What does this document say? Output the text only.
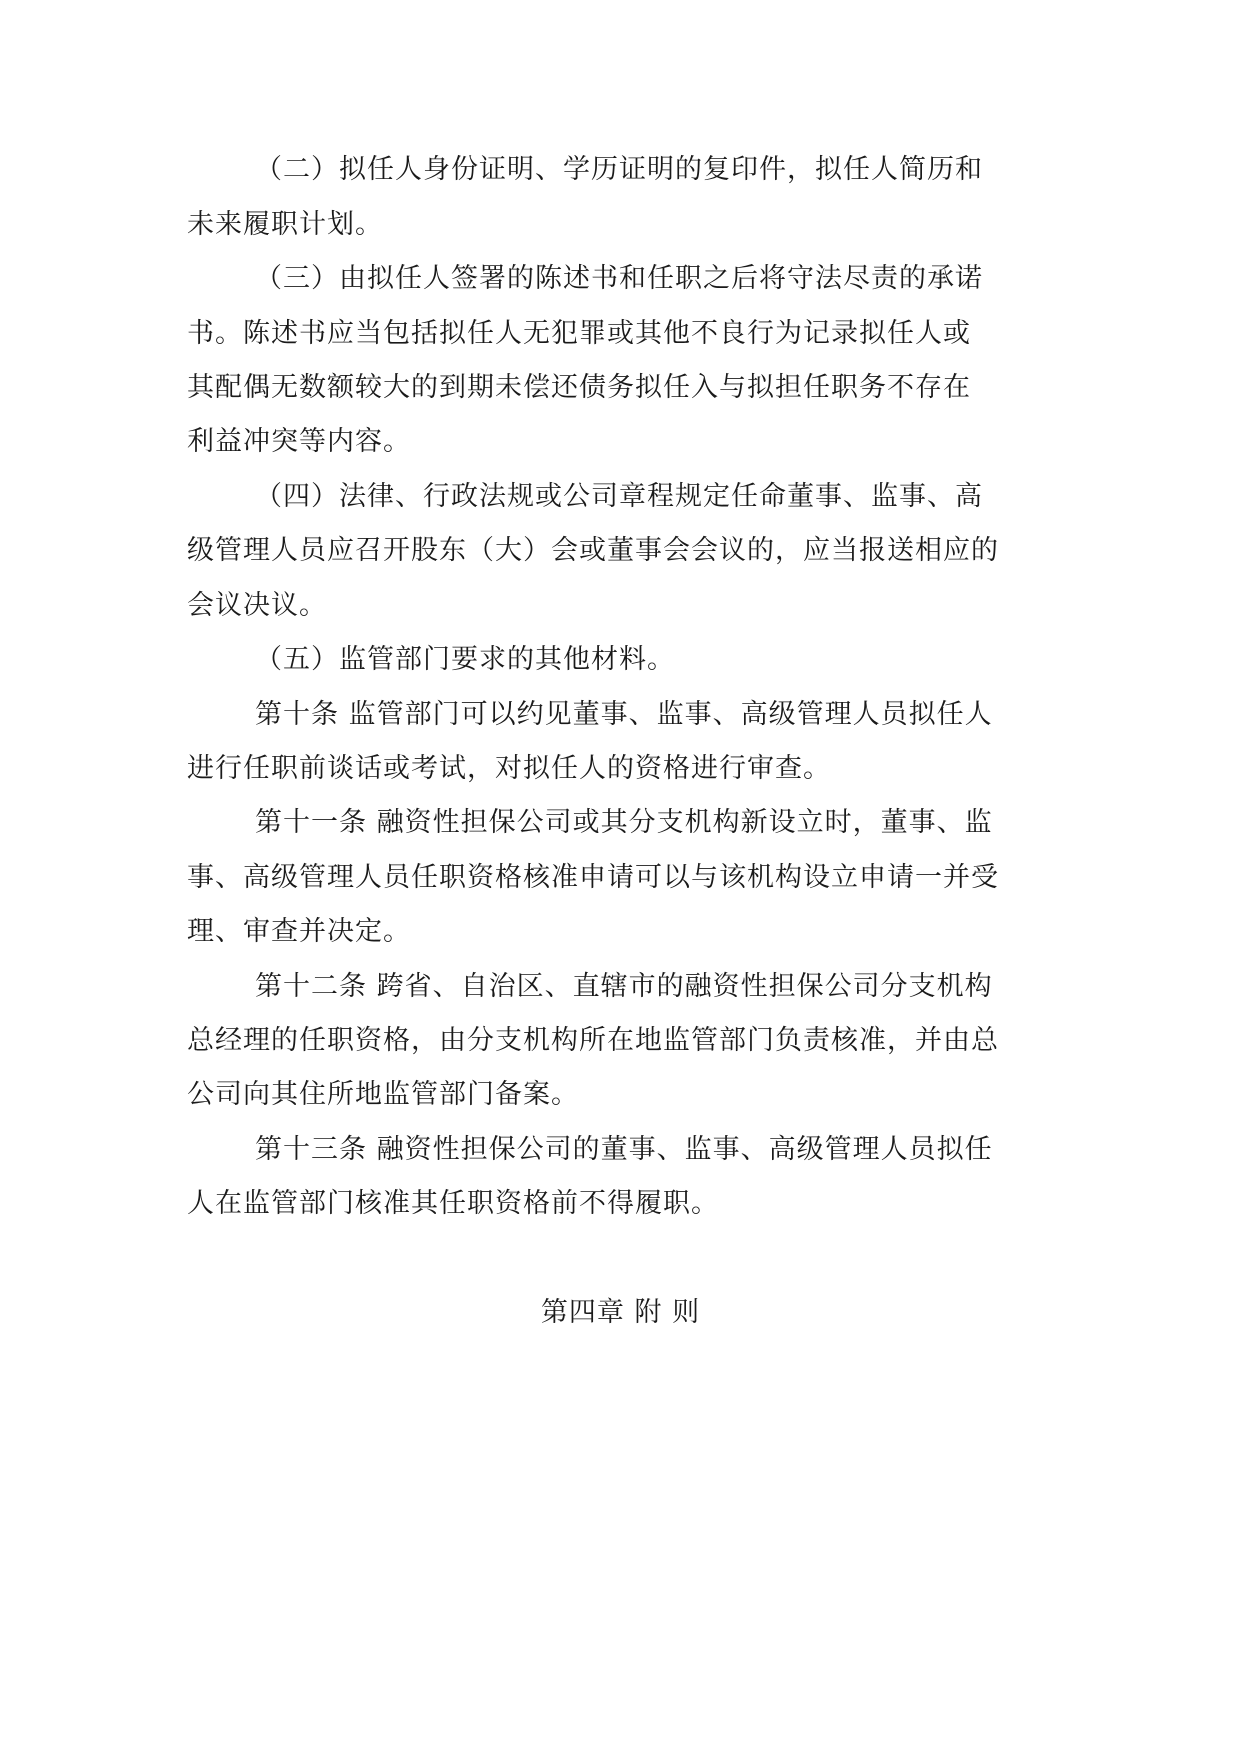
（二）拟任人身份证明、学历证明的复印件，拟任人简历和
未来履职计划。
（三）由拟任人签署的陈述书和任职之后将守法尽责的承诺
书。陈述书应当包括拟任人无犯罪或其他不良行为记录拟任人或
其配偶无数额较大的到期未偿还债务拟任入与拟担任职务不存在
利益冲突等内容。
（四）法律、行政法规或公司章程规定任命董事、监事、高
级管理人员应召开股东（大）会或董事会会议的，应当报送相应的
会议决议。
（五）监管部门要求的其他材料。
第十条 监管部门可以约见董事、监事、高级管理人员拟任人
进行任职前谈话或考试，对拟任人的资格进行审查。
第十一条 融资性担保公司或其分支机构新设立时，董事、监
事、高级管理人员任职资格核准申请可以与该机构设立申请一并受
理、审查并决定。
第十二条 跨省、自治区、直辖市的融资性担保公司分支机构
总经理的任职资格，由分支机构所在地监管部门负责核准，并由总
公司向其住所地监管部门备案。
第十三条 融资性担保公司的董事、监事、高级管理人员拟任
人在监管部门核准其任职资格前不得履职。
第四章 附 则
